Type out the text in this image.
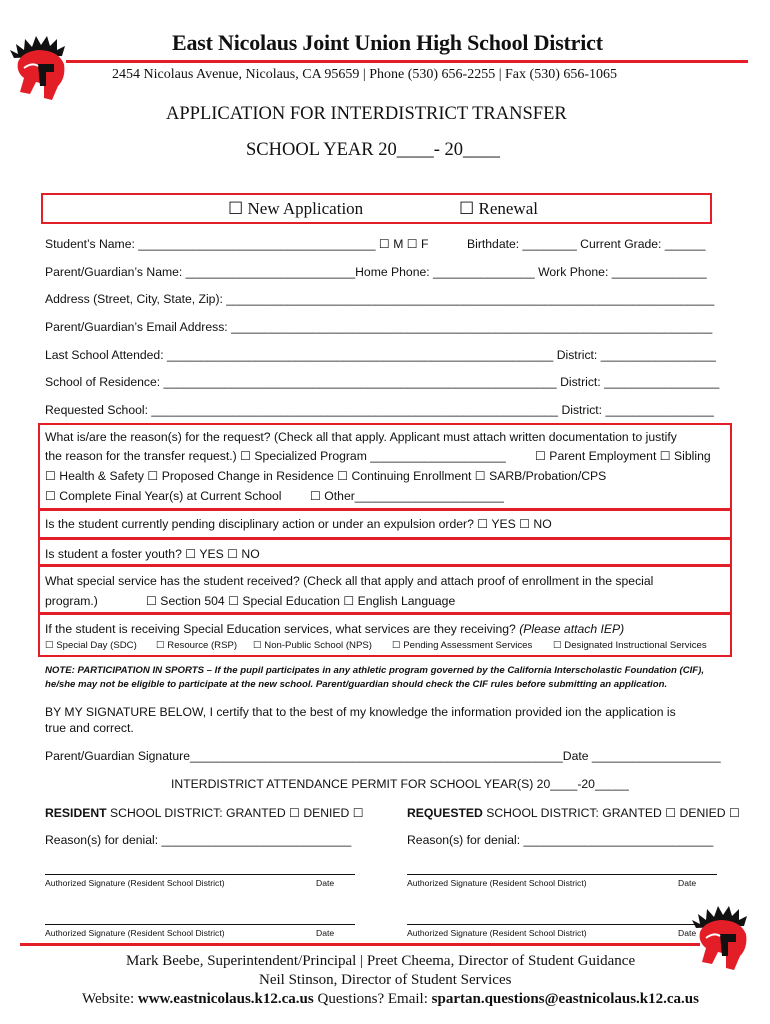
East Nicolaus Joint Union High School District
2454 Nicolaus Avenue, Nicolaus, CA 95659 | Phone (530) 656-2255 | Fax (530) 656-1065
APPLICATION FOR INTERDISTRICT TRANSFER
SCHOOL YEAR 20____- 20____
☐ New Application	☐ Renewal
Student’s Name: ___________________________________ ☐ M ☐ F	Birthdate: ________ Current Grade: ______
Parent/Guardian’s Name: _________________________Home Phone: _______________ Work Phone: ______________
Address (Street, City, State, Zip): ________________________________________________________________________
Parent/Guardian’s Email Address: _______________________________________________________________________
Last School Attended: _________________________________________________________ District: _________________
School of Residence: __________________________________________________________ District: _________________
Requested School: ____________________________________________________________ District: ________________
What is/are the reason(s) for the request? (Check all that apply. Applicant must attach written documentation to justify
the reason for the transfer request.) ☐ Specialized Program ____________________ ☐ Parent Employment ☐ Sibling
☐ Health & Safety ☐ Proposed Change in Residence ☐ Continuing Enrollment ☐ SARB/Probation/CPS
☐ Complete Final Year(s) at Current School ☐ Other______________________
Is the student currently pending disciplinary action or under an expulsion order? ☐ YES ☐ NO
Is student a foster youth? ☐ YES ☐ NO
What special service has the student received? (Check all that apply and attach proof of enrollment in the special
program.)	☐ Section 504 ☐ Special Education ☐ English Language
If the student is receiving Special Education services, what services are they receiving? (Please attach IEP)
☐ Special Day (SDC) ☐ Resource (RSP) ☐ Non-Public School (NPS) ☐ Pending Assessment Services ☐ Designated Instructional Services
NOTE: PARTICIPATION IN SPORTS – If the pupil participates in any athletic program governed by the California Interscholastic Foundation (CIF),
he/she may not be eligible to participate at the new school. Parent/guardian should check the CIF rules before submitting an application.
BY MY SIGNATURE BELOW, I certify that to the best of my knowledge the information provided ion the application is
true and correct.
Parent/Guardian Signature_______________________________________________________Date ___________________
INTERDISTRICT ATTENDANCE PERMIT FOR SCHOOL YEAR(S) 20____-20_____
RESIDENT SCHOOL DISTRICT: GRANTED ☐ DENIED ☐	REQUESTED SCHOOL DISTRICT: GRANTED ☐ DENIED ☐
Reason(s) for denial: ____________________________	Reason(s) for denial: ____________________________
Authorized Signature (Resident School District)	Date	Authorized Signature (Resident School District)	Date
Authorized Signature (Resident School District)	Date	Authorized Signature (Resident School District)	Date
Mark Beebe, Superintendent/Principal | Preet Cheema, Director of Student Guidance
Neil Stinson, Director of Student Services
Website: www.eastnicolaus.k12.ca.us Questions? Email: spartan.questions@eastnicolaus.k12.ca.us
